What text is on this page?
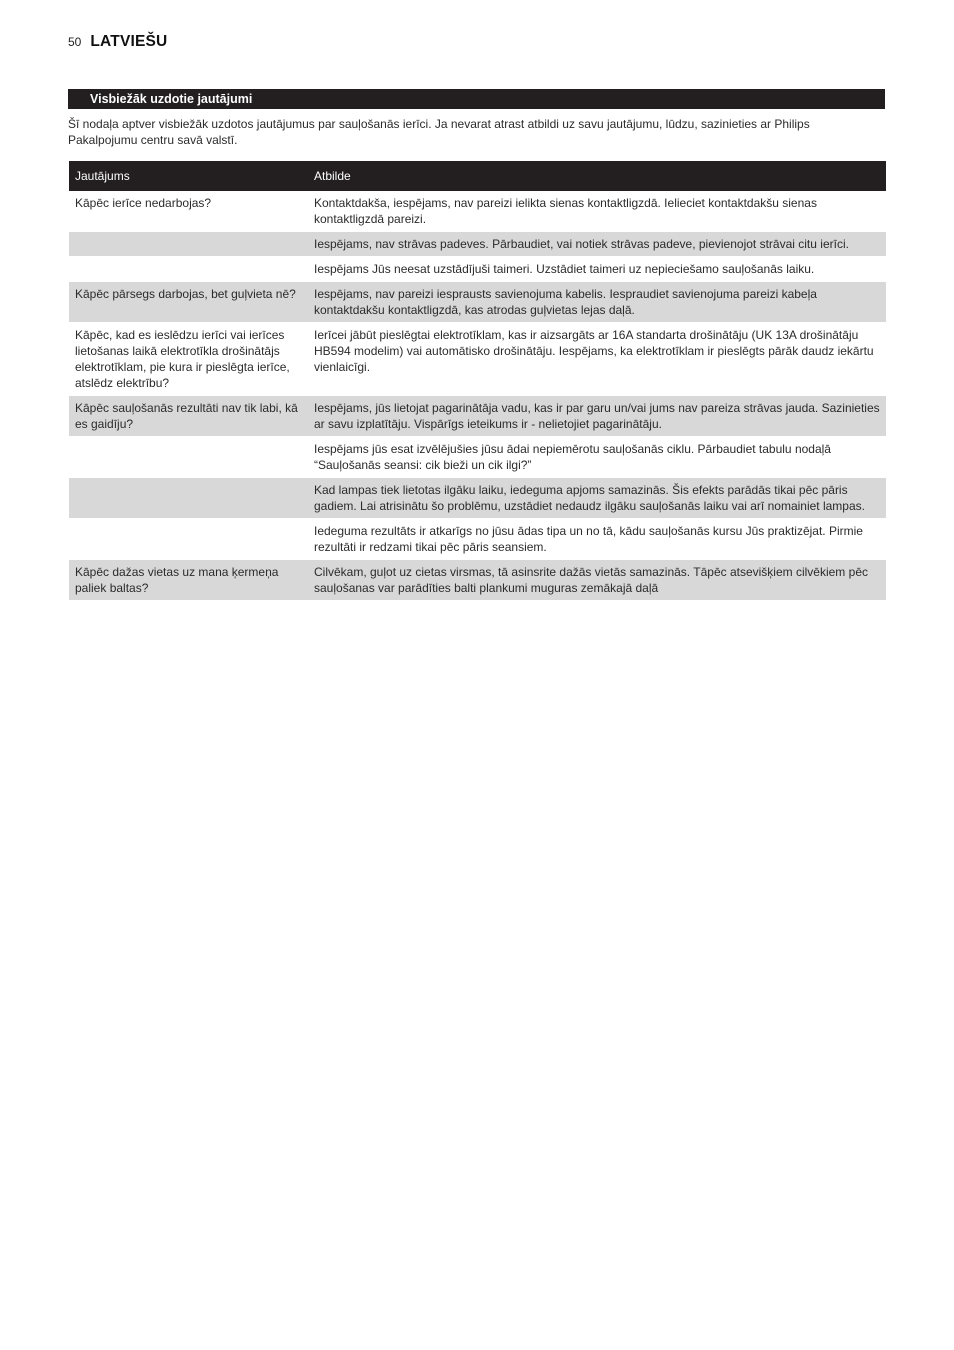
50 LATVIEŠU
Visbiežāk uzdotie jautājumi
Šī nodaļa aptver visbiežāk uzdotos jautājumus par sauļošanās ierīci. Ja nevarat atrast atbildi uz savu jautājumu, lūdzu, sazinieties ar Philips Pakalpojumu centru savā valstī.
Jautājums	Atbilde
Kāpēc ierīce nedarbojas?	Kontaktdakša, iespējams, nav pareizi ielikta sienas kontaktligzdā. Ielieciet kontaktdakšu sienas kontaktligzdā pareizi.
	Iespējams, nav strāvas padeves. Pārbaudiet, vai notiek strāvas padeve, pievienojot strāvai citu ierīci.
	Iespējams Jūs neesat uzstādījuši taimeri. Uzstādiet taimeri uz nepieciešamo sauļošanās laiku.
Kāpēc pārsegs darbojas, bet guļvieta nē?	Iespējams, nav pareizi iesprausts savienojuma kabelis. Iespraudiet savienojuma pareizi kabeļa kontaktdakšu kontaktligzdā, kas atrodas guļvietas lejas daļā.
Kāpēc, kad es ieslēdzu ierīci vai ierīces lietošanas laikā elektrotīkla drošinātājs elektrotīklam, pie kura ir pieslēgta ierīce, atslēdz elektrību?	Ierīcei jābūt pieslēgtai elektrotīklam, kas ir aizsargāts ar 16A standarta drošinātāju (UK 13A drošinātāju HB594 modelim) vai automātisko drošinātāju. Iespējams, ka elektrotīklam ir pieslēgts pārāk daudz iekārtu vienlaicīgi.
Kāpēc sauļošanās rezultāti nav tik labi, kā es gaidīju?	Iespējams, jūs lietojat pagarinātāja vadu, kas ir par garu un/vai jums nav pareiza strāvas jauda. Sazinieties ar savu izplatītāju. Vispārīgs ieteikums ir - nelietojiet pagarinātāju.
	Iespējams jūs esat izvēlējušies jūsu ādai nepiemērotu sauļošanās ciklu. Pārbaudiet tabulu nodaļā “Sauļošanās seansi: cik bieži un cik ilgi?”
	Kad lampas tiek lietotas ilgāku laiku, iedeguma apjoms samazinās. Šis efekts parādās tikai pēc pāris gadiem. Lai atrisinātu šo problēmu, uzstādiet nedaudz ilgāku sauļošanās laiku vai arī nomainiet lampas.
	Iedeguma rezultāts ir atkarīgs no jūsu ādas tipa un no tā, kādu sauļošanās kursu Jūs praktizējat. Pirmie rezultāti ir redzami tikai pēc pāris seansiem.
Kāpēc dažas vietas uz mana ķermeņa paliek baltas?	Cilvēkam, guļot uz cietas virsmas, tā asinsrite dažās vietās samazinās. Tāpēc atsevišķiem cilvēkiem pēc sauļošanas var parādīties balti plankumi muguras zemākajā daļā
